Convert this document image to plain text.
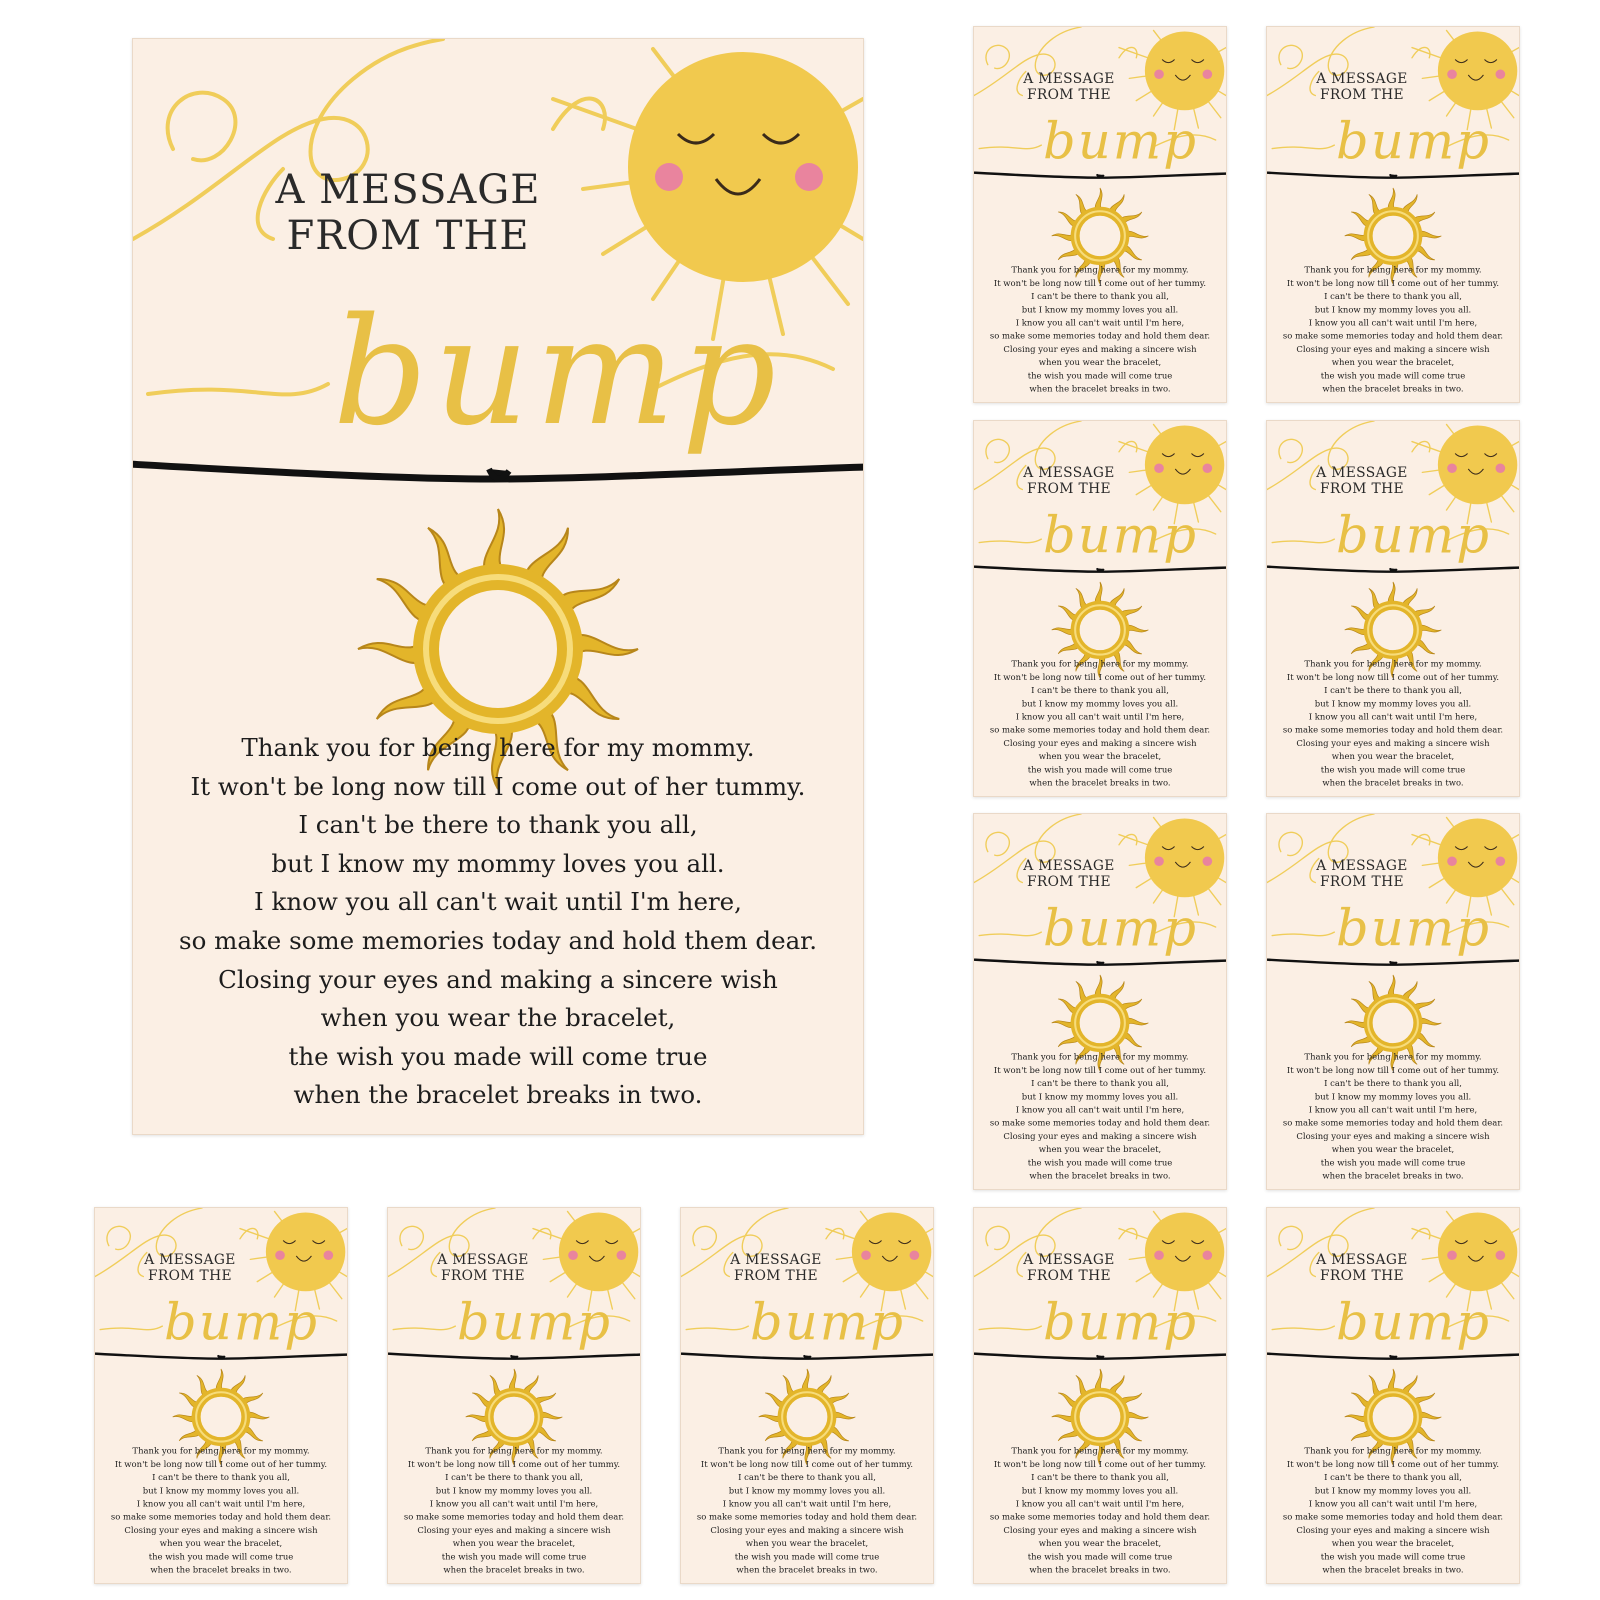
A MESSAGE
FROM THE
bump
Thank you for being here for my mommy.
It won't be long now till I come out of her tummy.
I can't be there to thank you all,
but I know my mommy loves you all.
I know you all can't wait until I'm here,
so make some memories today and hold them dear.
Closing your eyes and making a sincere wish
when you wear the bracelet,
the wish you made will come true
when the bracelet breaks in two.
A MESSAGE
FROM THE
bump
Thank you for being here for my mommy.
It won't be long now till I come out of her tummy.
I can't be there to thank you all,
but I know my mommy loves you all.
I know you all can't wait until I'm here,
so make some memories today and hold them dear.
Closing your eyes and making a sincere wish
when you wear the bracelet,
the wish you made will come true
when the bracelet breaks in two.
A MESSAGE
FROM THE
bump
Thank you for being here for my mommy.
It won't be long now till I come out of her tummy.
I can't be there to thank you all,
but I know my mommy loves you all.
I know you all can't wait until I'm here,
so make some memories today and hold them dear.
Closing your eyes and making a sincere wish
when you wear the bracelet,
the wish you made will come true
when the bracelet breaks in two.
A MESSAGE
FROM THE
bump
Thank you for being here for my mommy.
It won't be long now till I come out of her tummy.
I can't be there to thank you all,
but I know my mommy loves you all.
I know you all can't wait until I'm here,
so make some memories today and hold them dear.
Closing your eyes and making a sincere wish
when you wear the bracelet,
the wish you made will come true
when the bracelet breaks in two.
A MESSAGE
FROM THE
bump
Thank you for being here for my mommy.
It won't be long now till I come out of her tummy.
I can't be there to thank you all,
but I know my mommy loves you all.
I know you all can't wait until I'm here,
so make some memories today and hold them dear.
Closing your eyes and making a sincere wish
when you wear the bracelet,
the wish you made will come true
when the bracelet breaks in two.
A MESSAGE
FROM THE
bump
Thank you for being here for my mommy.
It won't be long now till I come out of her tummy.
I can't be there to thank you all,
but I know my mommy loves you all.
I know you all can't wait until I'm here,
so make some memories today and hold them dear.
Closing your eyes and making a sincere wish
when you wear the bracelet,
the wish you made will come true
when the bracelet breaks in two.
A MESSAGE
FROM THE
bump
Thank you for being here for my mommy.
It won't be long now till I come out of her tummy.
I can't be there to thank you all,
but I know my mommy loves you all.
I know you all can't wait until I'm here,
so make some memories today and hold them dear.
Closing your eyes and making a sincere wish
when you wear the bracelet,
the wish you made will come true
when the bracelet breaks in two.
A MESSAGE
FROM THE
bump
Thank you for being here for my mommy.
It won't be long now till I come out of her tummy.
I can't be there to thank you all,
but I know my mommy loves you all.
I know you all can't wait until I'm here,
so make some memories today and hold them dear.
Closing your eyes and making a sincere wish
when you wear the bracelet,
the wish you made will come true
when the bracelet breaks in two.
A MESSAGE
FROM THE
bump
Thank you for being here for my mommy.
It won't be long now till I come out of her tummy.
I can't be there to thank you all,
but I know my mommy loves you all.
I know you all can't wait until I'm here,
so make some memories today and hold them dear.
Closing your eyes and making a sincere wish
when you wear the bracelet,
the wish you made will come true
when the bracelet breaks in two.
A MESSAGE
FROM THE
bump
Thank you for being here for my mommy.
It won't be long now till I come out of her tummy.
I can't be there to thank you all,
but I know my mommy loves you all.
I know you all can't wait until I'm here,
so make some memories today and hold them dear.
Closing your eyes and making a sincere wish
when you wear the bracelet,
the wish you made will come true
when the bracelet breaks in two.
A MESSAGE
FROM THE
bump
Thank you for being here for my mommy.
It won't be long now till I come out of her tummy.
I can't be there to thank you all,
but I know my mommy loves you all.
I know you all can't wait until I'm here,
so make some memories today and hold them dear.
Closing your eyes and making a sincere wish
when you wear the bracelet,
the wish you made will come true
when the bracelet breaks in two.
A MESSAGE
FROM THE
bump
Thank you for being here for my mommy.
It won't be long now till I come out of her tummy.
I can't be there to thank you all,
but I know my mommy loves you all.
I know you all can't wait until I'm here,
so make some memories today and hold them dear.
Closing your eyes and making a sincere wish
when you wear the bracelet,
the wish you made will come true
when the bracelet breaks in two.
